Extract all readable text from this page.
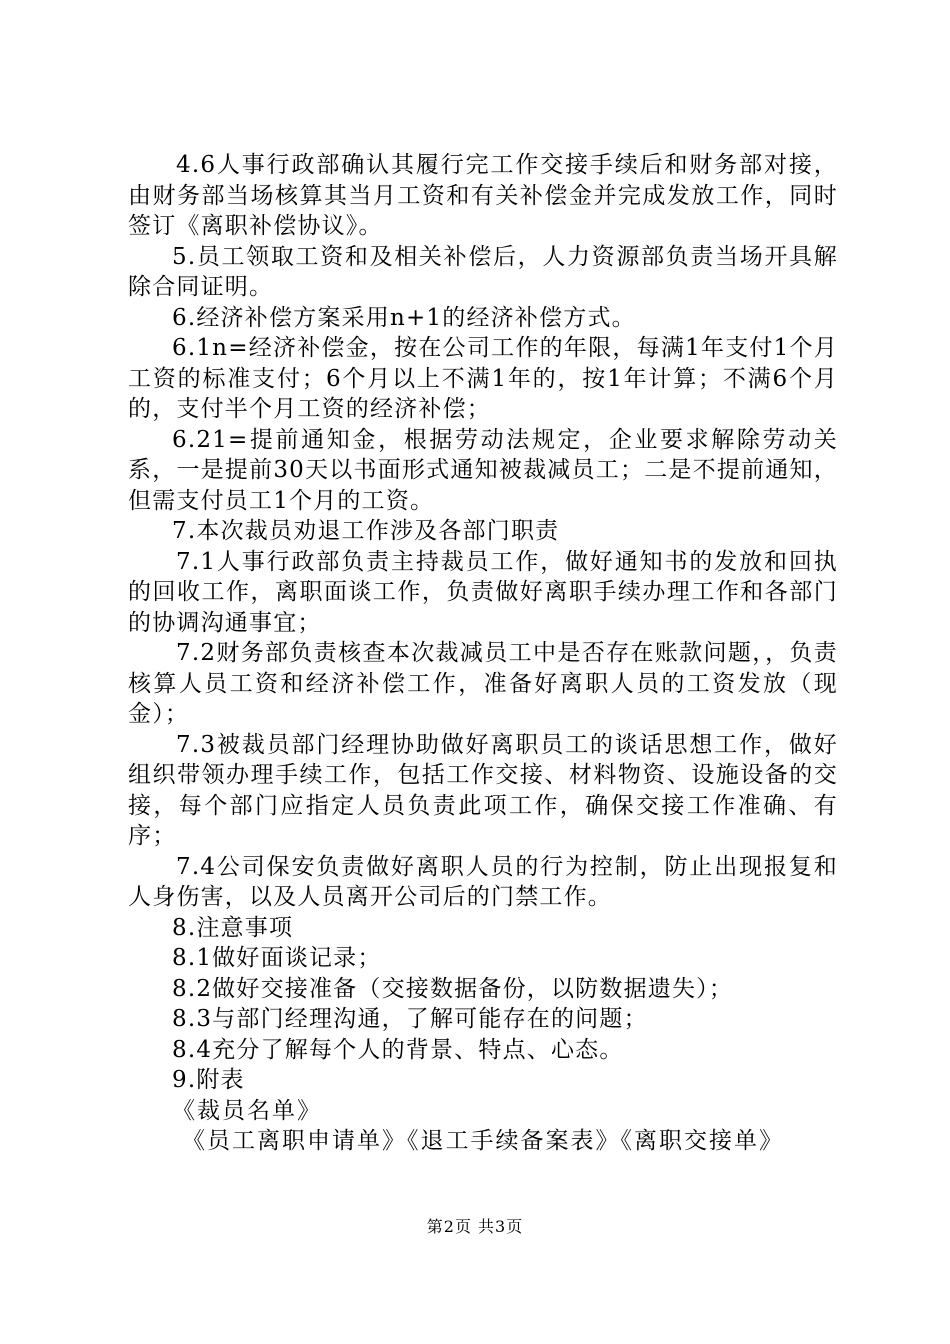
4.6人事行政部确认其履行完工作交接手续后和财务部对接，由财务部当场核算其当月工资和有关补偿金并完成发放工作，同时签订《离职补偿协议》。

5.员工领取工资和及相关补偿后，人力资源部负责当场开具解除合同证明。

6.经济补偿方案采用n+1的经济补偿方式。

6.1n=经济补偿金，按在公司工作的年限，每满1年支付1个月工资的标准支付；6个月以上不满1年的，按1年计算；不满6个月的，支付半个月工资的经济补偿；

6.21=提前通知金，根据劳动法规定，企业要求解除劳动关系，一是提前30天以书面形式通知被裁减员工；二是不提前通知，但需支付员工1个月的工资。

7.本次裁员劝退工作涉及各部门职责

7.1人事行政部负责主持裁员工作，做好通知书的发放和回执的回收工作，离职面谈工作，负责做好离职手续办理工作和各部门的协调沟通事宜；

7.2财务部负责核查本次裁减员工中是否存在账款问题，，负责核算人员工资和经济补偿工作，准备好离职人员的工资发放（现金）；

7.3被裁员部门经理协助做好离职员工的谈话思想工作，做好组织带领办理手续工作，包括工作交接、材料物资、设施设备的交接，每个部门应指定人员负责此项工作，确保交接工作准确、有序；

7.4公司保安负责做好离职人员的行为控制，防止出现报复和人身伤害，以及人员离开公司后的门禁工作。

8.注意事项

8.1做好面谈记录；

8.2做好交接准备（交接数据备份，以防数据遗失）；

8.3与部门经理沟通，了解可能存在的问题；

8.4充分了解每个人的背景、特点、心态。

9.附表

《裁员名单》

《员工离职申请单》《退工手续备案表》《离职交接单》

第2页 共3页
